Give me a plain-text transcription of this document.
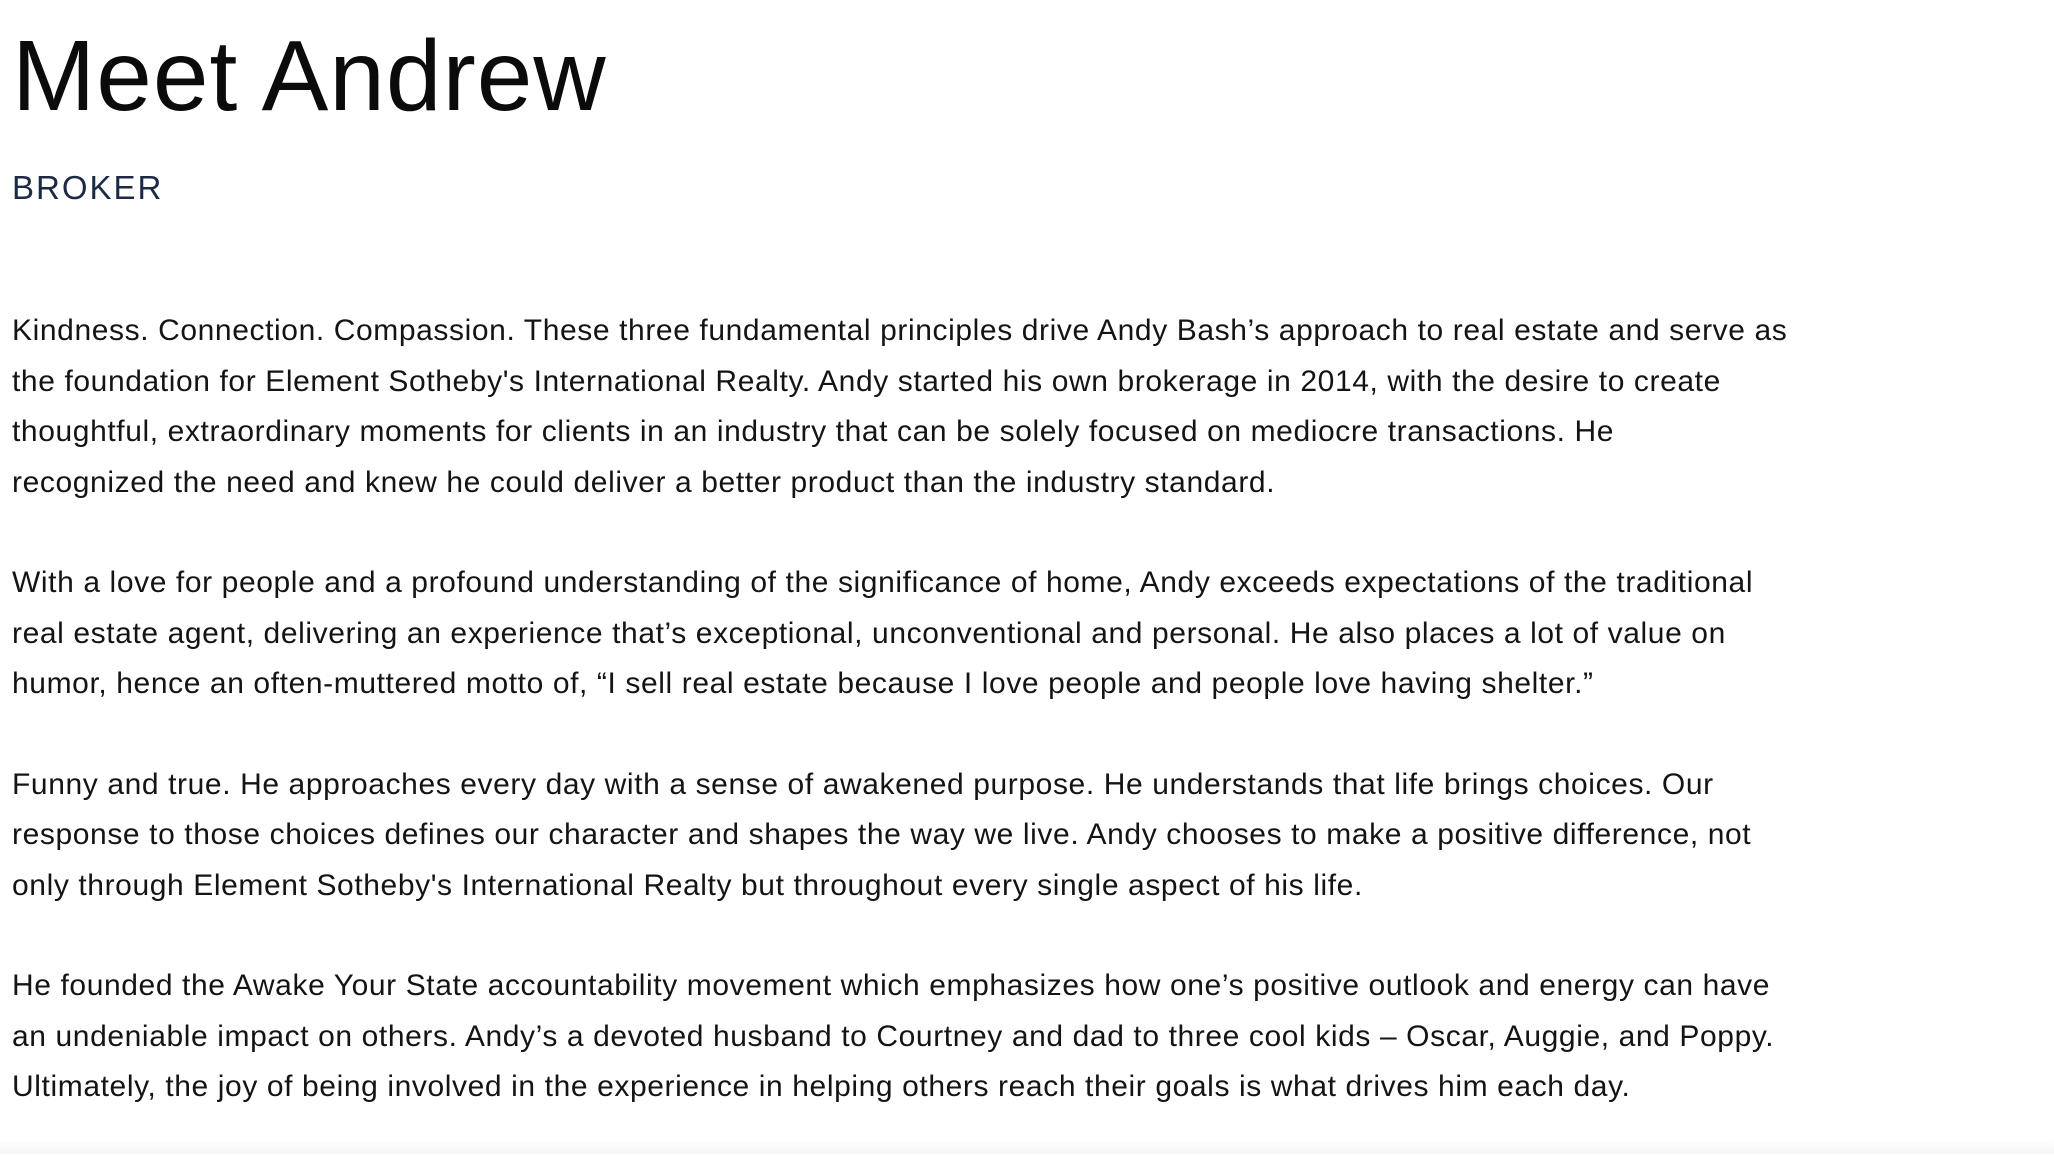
Meet Andrew
BROKER

Kindness. Connection. Compassion. These three fundamental principles drive Andy Bash’s approach to real estate and serve as
the foundation for Element Sotheby's International Realty. Andy started his own brokerage in 2014, with the desire to create
thoughtful, extraordinary moments for clients in an industry that can be solely focused on mediocre transactions. He
recognized the need and knew he could deliver a better product than the industry standard.

With a love for people and a profound understanding of the significance of home, Andy exceeds expectations of the traditional
real estate agent, delivering an experience that’s exceptional, unconventional and personal. He also places a lot of value on
humor, hence an often-muttered motto of, “I sell real estate because I love people and people love having shelter.”

Funny and true. He approaches every day with a sense of awakened purpose. He understands that life brings choices. Our
response to those choices defines our character and shapes the way we live. Andy chooses to make a positive difference, not
only through Element Sotheby's International Realty but throughout every single aspect of his life.

He founded the Awake Your State accountability movement which emphasizes how one’s positive outlook and energy can have
an undeniable impact on others. Andy’s a devoted husband to Courtney and dad to three cool kids – Oscar, Auggie, and Poppy.
Ultimately, the joy of being involved in the experience in helping others reach their goals is what drives him each day.
